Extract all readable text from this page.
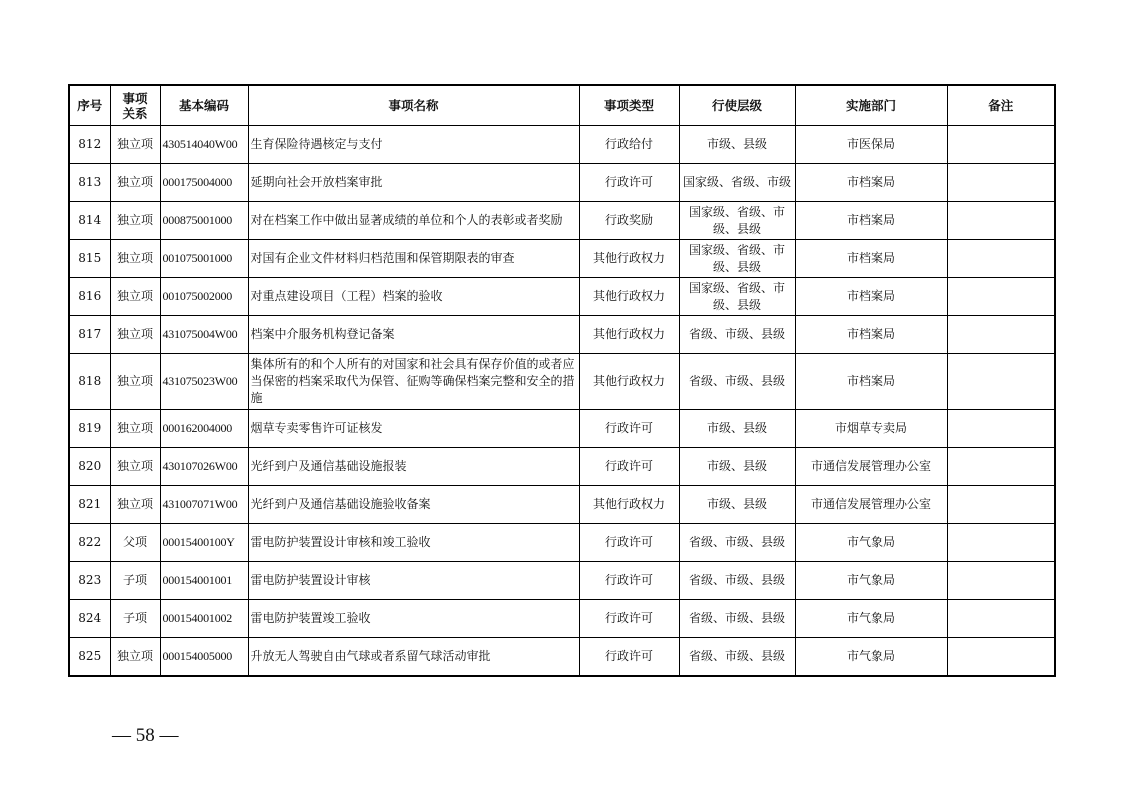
序号	事项关系	基本编码	事项名称	事项类型	行使层级	实施部门	备注
812	独立项	430514040W00	生育保险待遇核定与支付	行政给付	市级、县级	市医保局	
813	独立项	000175004000	延期向社会开放档案审批	行政许可	国家级、省级、市级	市档案局	
814	独立项	000875001000	对在档案工作中做出显著成绩的单位和个人的表彰或者奖励	行政奖励	国家级、省级、市级、县级	市档案局	
815	独立项	001075001000	对国有企业文件材料归档范围和保管期限表的审查	其他行政权力	国家级、省级、市级、县级	市档案局	
816	独立项	001075002000	对重点建设项目（工程）档案的验收	其他行政权力	国家级、省级、市级、县级	市档案局	
817	独立项	431075004W00	档案中介服务机构登记备案	其他行政权力	省级、市级、县级	市档案局	
818	独立项	431075023W00	集体所有的和个人所有的对国家和社会具有保存价值的或者应当保密的档案采取代为保管、征购等确保档案完整和安全的措施	其他行政权力	省级、市级、县级	市档案局	
819	独立项	000162004000	烟草专卖零售许可证核发	行政许可	市级、县级	市烟草专卖局	
820	独立项	430107026W00	光纤到户及通信基础设施报装	行政许可	市级、县级	市通信发展管理办公室	
821	独立项	431007071W00	光纤到户及通信基础设施验收备案	其他行政权力	市级、县级	市通信发展管理办公室	
822	父项	00015400100Y	雷电防护装置设计审核和竣工验收	行政许可	省级、市级、县级	市气象局	
823	子项	000154001001	雷电防护装置设计审核	行政许可	省级、市级、县级	市气象局	
824	子项	000154001002	雷电防护装置竣工验收	行政许可	省级、市级、县级	市气象局	
825	独立项	000154005000	升放无人驾驶自由气球或者系留气球活动审批	行政许可	省级、市级、县级	市气象局	
— 58 —
